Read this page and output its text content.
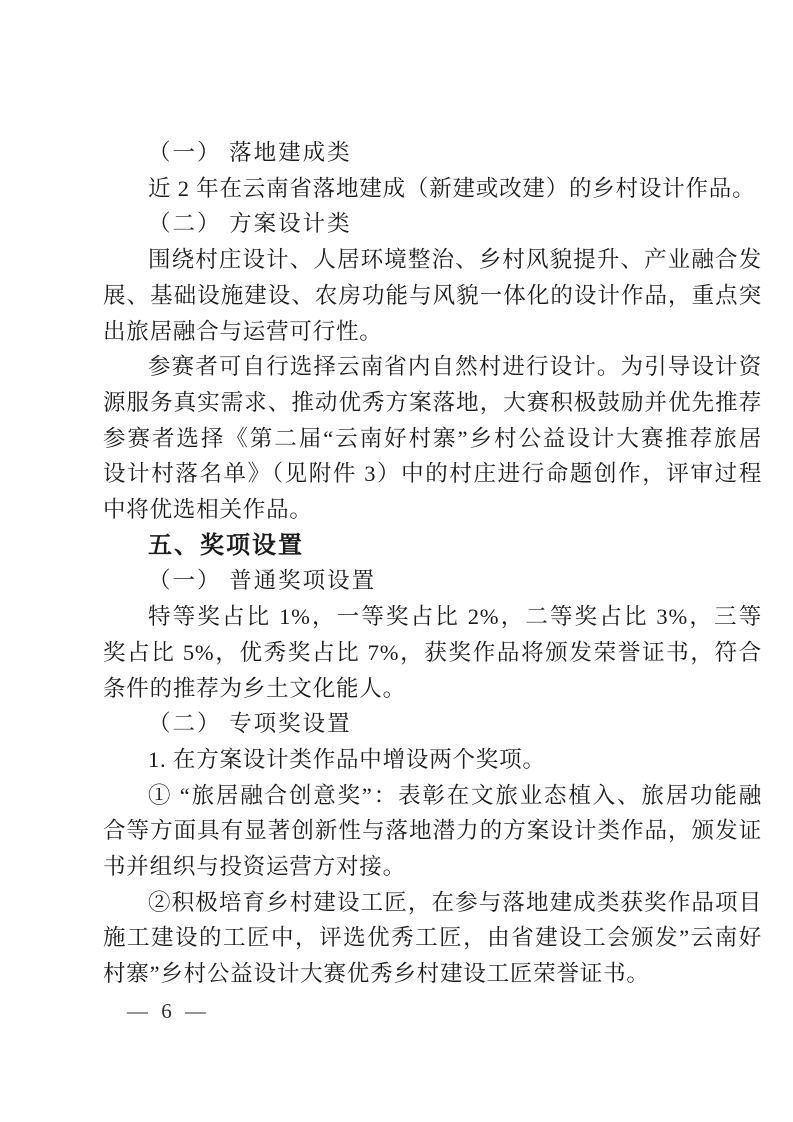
（一） 落地建成类

近 2 年在云南省落地建成（新建或改建）的乡村设计作品。

（二） 方案设计类

围绕村庄设计、人居环境整治、乡村风貌提升、产业融合发

展、基础设施建设、农房功能与风貌一体化的设计作品，重点突

出旅居融合与运营可行性。

参赛者可自行选择云南省内自然村进行设计。为引导设计资

源服务真实需求、推动优秀方案落地，大赛积极鼓励并优先推荐

参赛者选择《第二届“云南好村寨”乡村公益设计大赛推荐旅居

设计村落名单》（见附件 3）中的村庄进行命题创作，评审过程

中将优选相关作品。

五、奖项设置

（一） 普通奖项设置

特等奖占比 1%，一等奖占比 2%，二等奖占比 3%，三等

奖占比 5%，优秀奖占比 7%，获奖作品将颁发荣誉证书，符合

条件的推荐为乡土文化能人。

（二） 专项奖设置

1. 在方案设计类作品中增设两个奖项。

① “旅居融合创意奖”：表彰在文旅业态植入、旅居功能融

合等方面具有显著创新性与落地潜力的方案设计类作品，颁发证

书并组织与投资运营方对接。

②积极培育乡村建设工匠，在参与落地建成类获奖作品项目

施工建设的工匠中，评选优秀工匠，由省建设工会颁发”云南好

村寨”乡村公益设计大赛优秀乡村建设工匠荣誉证书。

— 6 —
